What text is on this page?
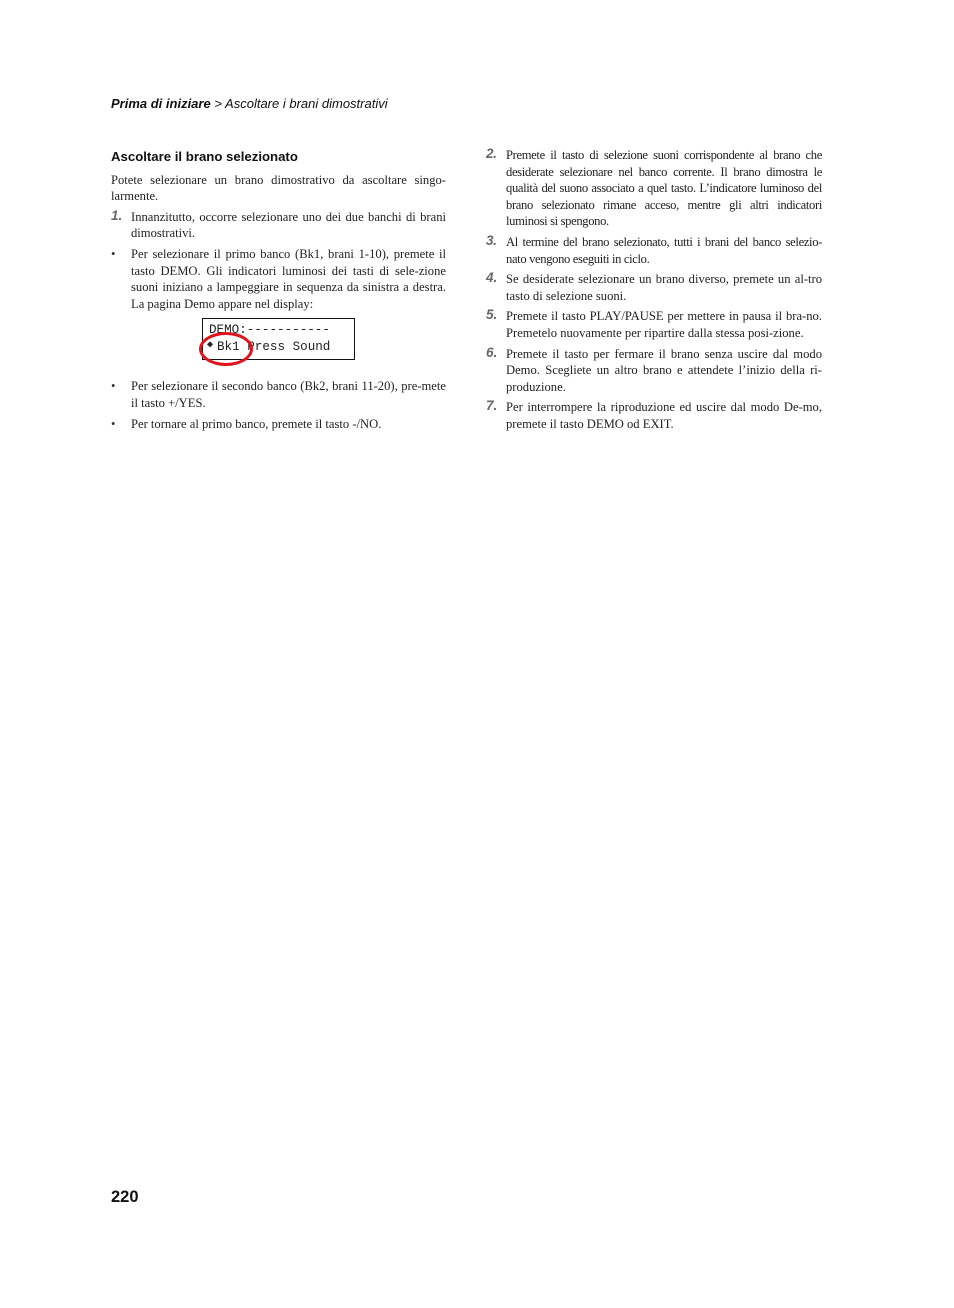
Prima di iniziare > Ascoltare i brani dimostrativi
Ascoltare il brano selezionato

Potete selezionare un brano dimostrativo da ascoltare singo-larmente.

1. Innanzitutto, occorre selezionare uno dei due banchi di brani dimostrativi.
• Per selezionare il primo banco (Bk1, brani 1-10), premete il tasto DEMO. Gli indicatori luminosi dei tasti di sele-zione suoni iniziano a lampeggiare in sequenza da sinistra a destra. La pagina Demo appare nel display:
DEMO:-----------
◆ Bk1 Press Sound
• Per selezionare il secondo banco (Bk2, brani 11-20), pre-mete il tasto +/YES.
• Per tornare al primo banco, premete il tasto -/NO.
2. Premete il tasto di selezione suoni corrispondente al brano che desiderate selezionare nel banco corrente. Il brano dimostra le qualità del suono associato a quel tasto. L’indicatore luminoso del brano selezionato rimane acceso, mentre gli altri indicatori luminosi si spengono.
3. Al termine del brano selezionato, tutti i brani del banco selezio-nato vengono eseguiti in ciclo.
4. Se desiderate selezionare un brano diverso, premete un al-tro tasto di selezione suoni.
5. Premete il tasto PLAY/PAUSE per mettere in pausa il bra-no. Premetelo nuovamente per ripartire dalla stessa posi-zione.
6. Premete il tasto per fermare il brano senza uscire dal modo Demo. Scegliete un altro brano e attendete l’inizio della ri-produzione.
7. Per interrompere la riproduzione ed uscire dal modo De-mo, premete il tasto DEMO od EXIT.
220
